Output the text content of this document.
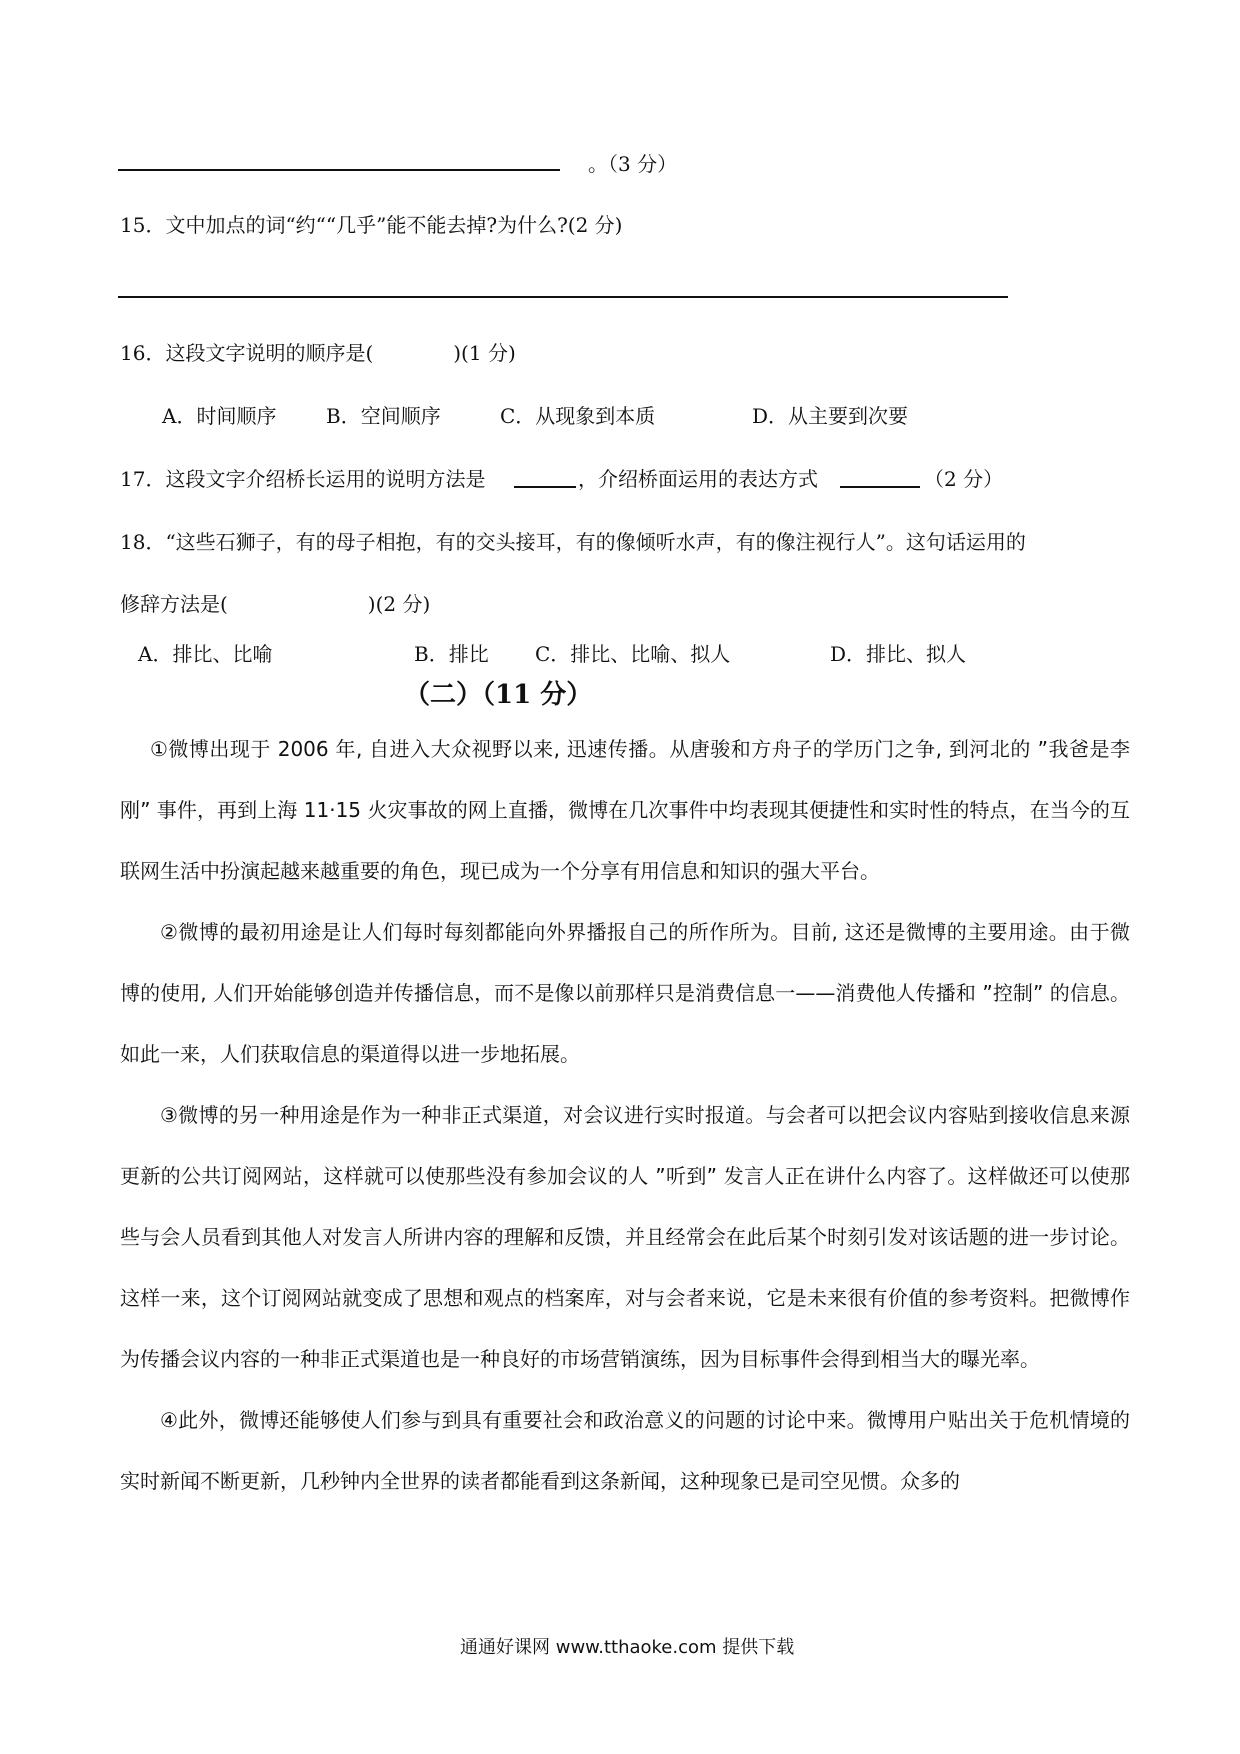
。（3 分）
15．文中加点的词“约““几乎”能不能去掉?为什么?(2 分)
16．这段文字说明的顺序是(　　　　)(1 分)
A．时间顺序 B．空间顺序	C．从现象到本质	D．从主要到次要
17．这段文字介绍桥长运用的说明方法是	，介绍桥面运用的表达方式	（2 分）
18．“这些石狮子，有的母子相抱，有的交头接耳，有的像倾听水声，有的像注视行人”。这句话运用的
修辞方法是(　　　　　　　)(2 分)
A．排比、比喻	B．排比 C．排比、比喻、拟人	D．排比、拟人
（二）（11 分）

①微博出现于 2006 年, 自进入大众视野以来, 迅速传播。从唐骏和方舟子的学历门之争, 到河北的 ”我爸是李刚” 事件，再到上海 11·15 火灾事故的网上直播，微博在几次事件中均表现其便捷性和实时性的特点，在当今的互联网生活中扮演起越来越重要的角色，现已成为一个分享有用信息和知识的强大平台。

②微博的最初用途是让人们每时每刻都能向外界播报自己的所作所为。目前, 这还是微博的主要用途。由于微博的使用, 人们开始能够创造并传播信息，而不是像以前那样只是消费信息一——消费他人传播和 ”控制” 的信息。如此一来，人们获取信息的渠道得以进一步地拓展。

③微博的另一种用途是作为一种非正式渠道，对会议进行实时报道。与会者可以把会议内容贴到接收信息来源更新的公共订阅网站，这样就可以使那些没有参加会议的人 ”听到” 发言人正在讲什么内容了。这样做还可以使那些与会人员看到其他人对发言人所讲内容的理解和反馈，并且经常会在此后某个时刻引发对该话题的进一步讨论。这样一来，这个订阅网站就变成了思想和观点的档案库，对与会者来说，它是未来很有价值的参考资料。把微博作为传播会议内容的一种非正式渠道也是一种良好的市场营销演练，因为目标事件会得到相当大的曝光率。

④此外，微博还能够使人们参与到具有重要社会和政治意义的问题的讨论中来。微博用户贴出关于危机情境的实时新闻不断更新，几秒钟内全世界的读者都能看到这条新闻，这种现象已是司空见惯。众多的

通通好课网 www.tthaoke.com 提供下载
